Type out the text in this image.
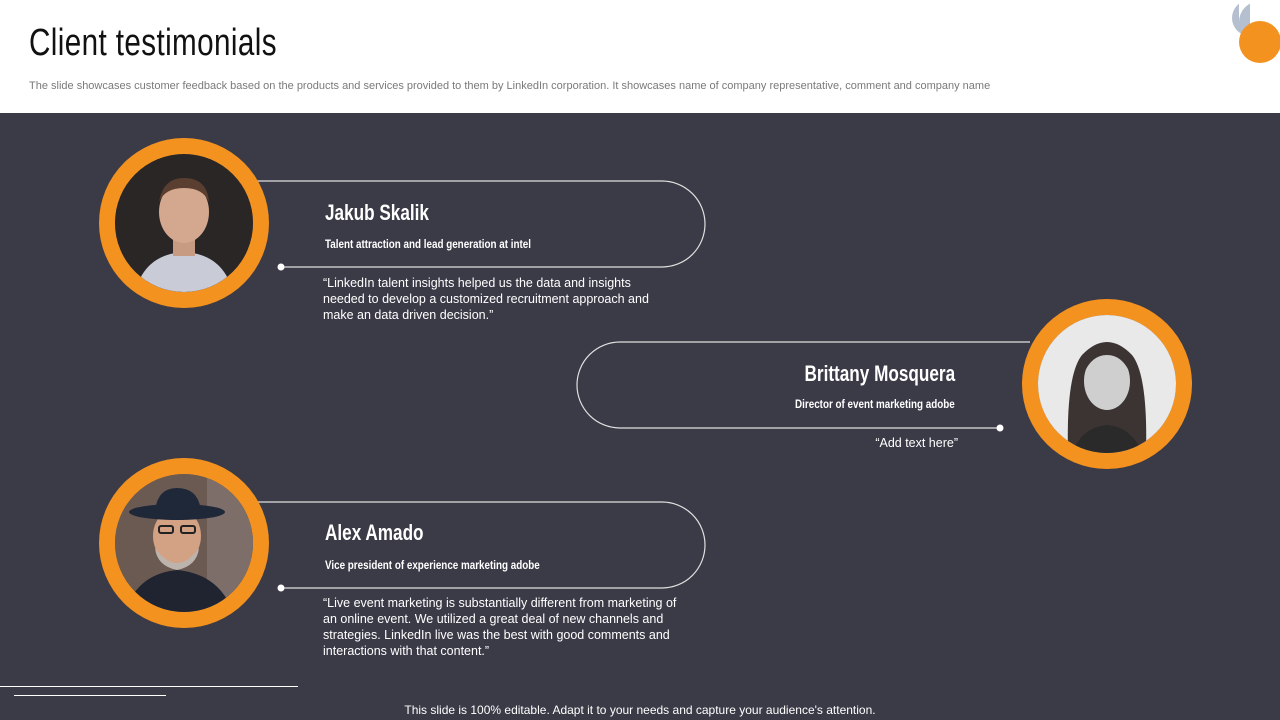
Client testimonials
The slide showcases customer feedback based on the products and services provided to them by LinkedIn corporation. It showcases name of company representative, comment and company name
Jakub Skalik
Talent attraction and lead generation at intel
“LinkedIn talent insights helped us the data and insights needed to develop a customized recruitment approach and make an data driven decision.”
Brittany Mosquera
Director of event marketing adobe
“Add text here”
Alex Amado
Vice president of experience marketing adobe
“Live event marketing is substantially different from marketing of an online event. We utilized a great deal of new channels and strategies. LinkedIn live was the best with good comments and interactions with that content.”
This slide is 100% editable. Adapt it to your needs and capture your audience's attention.
